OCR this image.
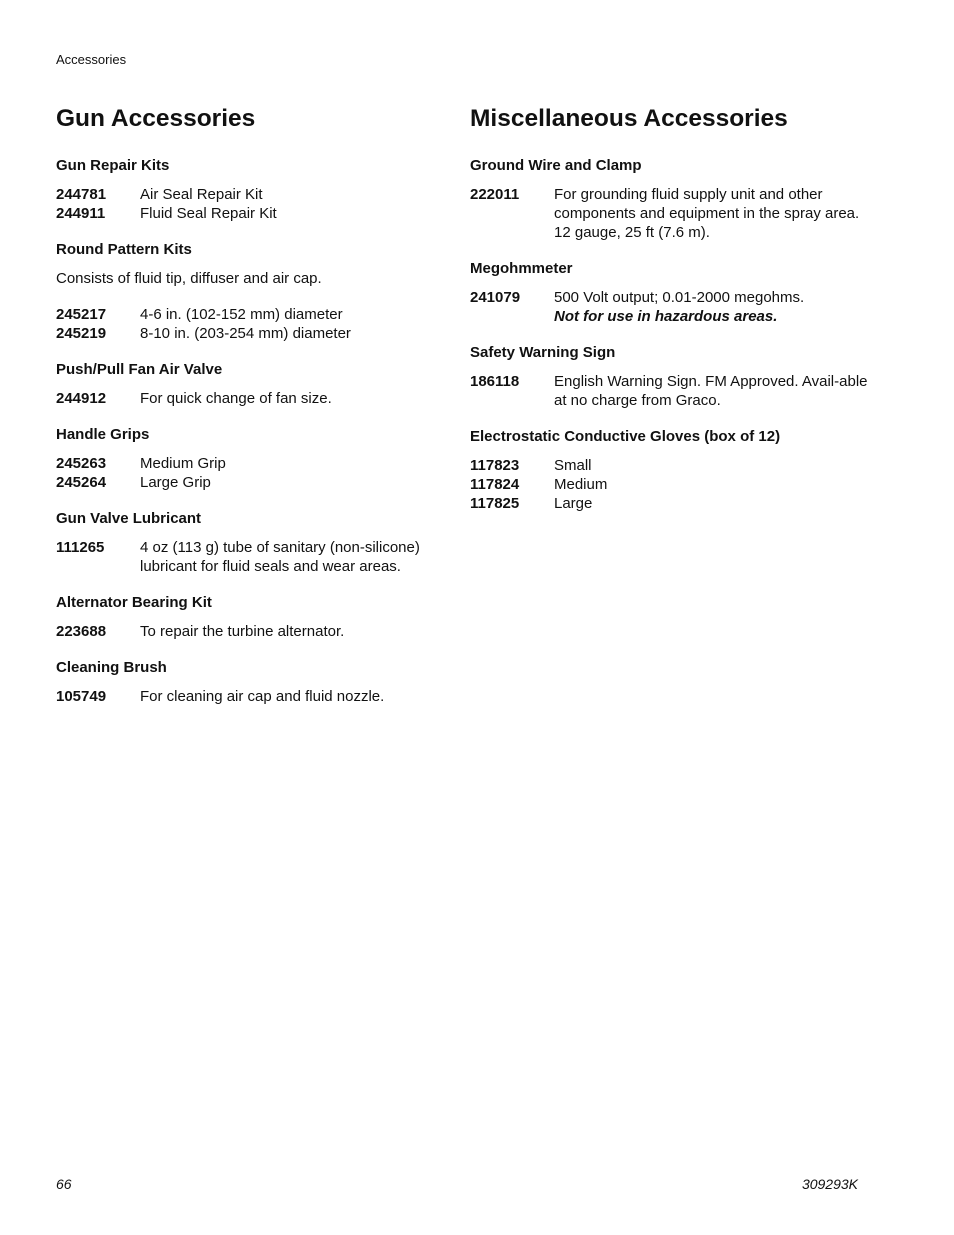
Accessories
Gun Accessories
Gun Repair Kits
244781	Air Seal Repair Kit
244911	Fluid Seal Repair Kit
Round Pattern Kits

Consists of fluid tip, diffuser and air cap.

245217	4-6 in. (102-152 mm) diameter
245219	8-10 in. (203-254 mm) diameter
Push/Pull Fan Air Valve
244912	For quick change of fan size.
Handle Grips
245263	Medium Grip
245264	Large Grip
Gun Valve Lubricant
111265	4 oz (113 g) tube of sanitary (non-silicone) lubricant for fluid seals and wear areas.
Alternator Bearing Kit
223688	To repair the turbine alternator.
Cleaning Brush
105749	For cleaning air cap and fluid nozzle.
Miscellaneous Accessories
Ground Wire and Clamp
222011	For grounding fluid supply unit and other components and equipment in the spray area.
12 gauge, 25 ft (7.6 m).
Megohmmeter
241079	500 Volt output; 0.01-2000 megohms.
Not for use in hazardous areas.
Safety Warning Sign
186118	English Warning Sign. FM Approved. Avail-able at no charge from Graco.
Electrostatic Conductive Gloves (box of 12)
117823	Small
117824	Medium
117825	Large
66	309293K
